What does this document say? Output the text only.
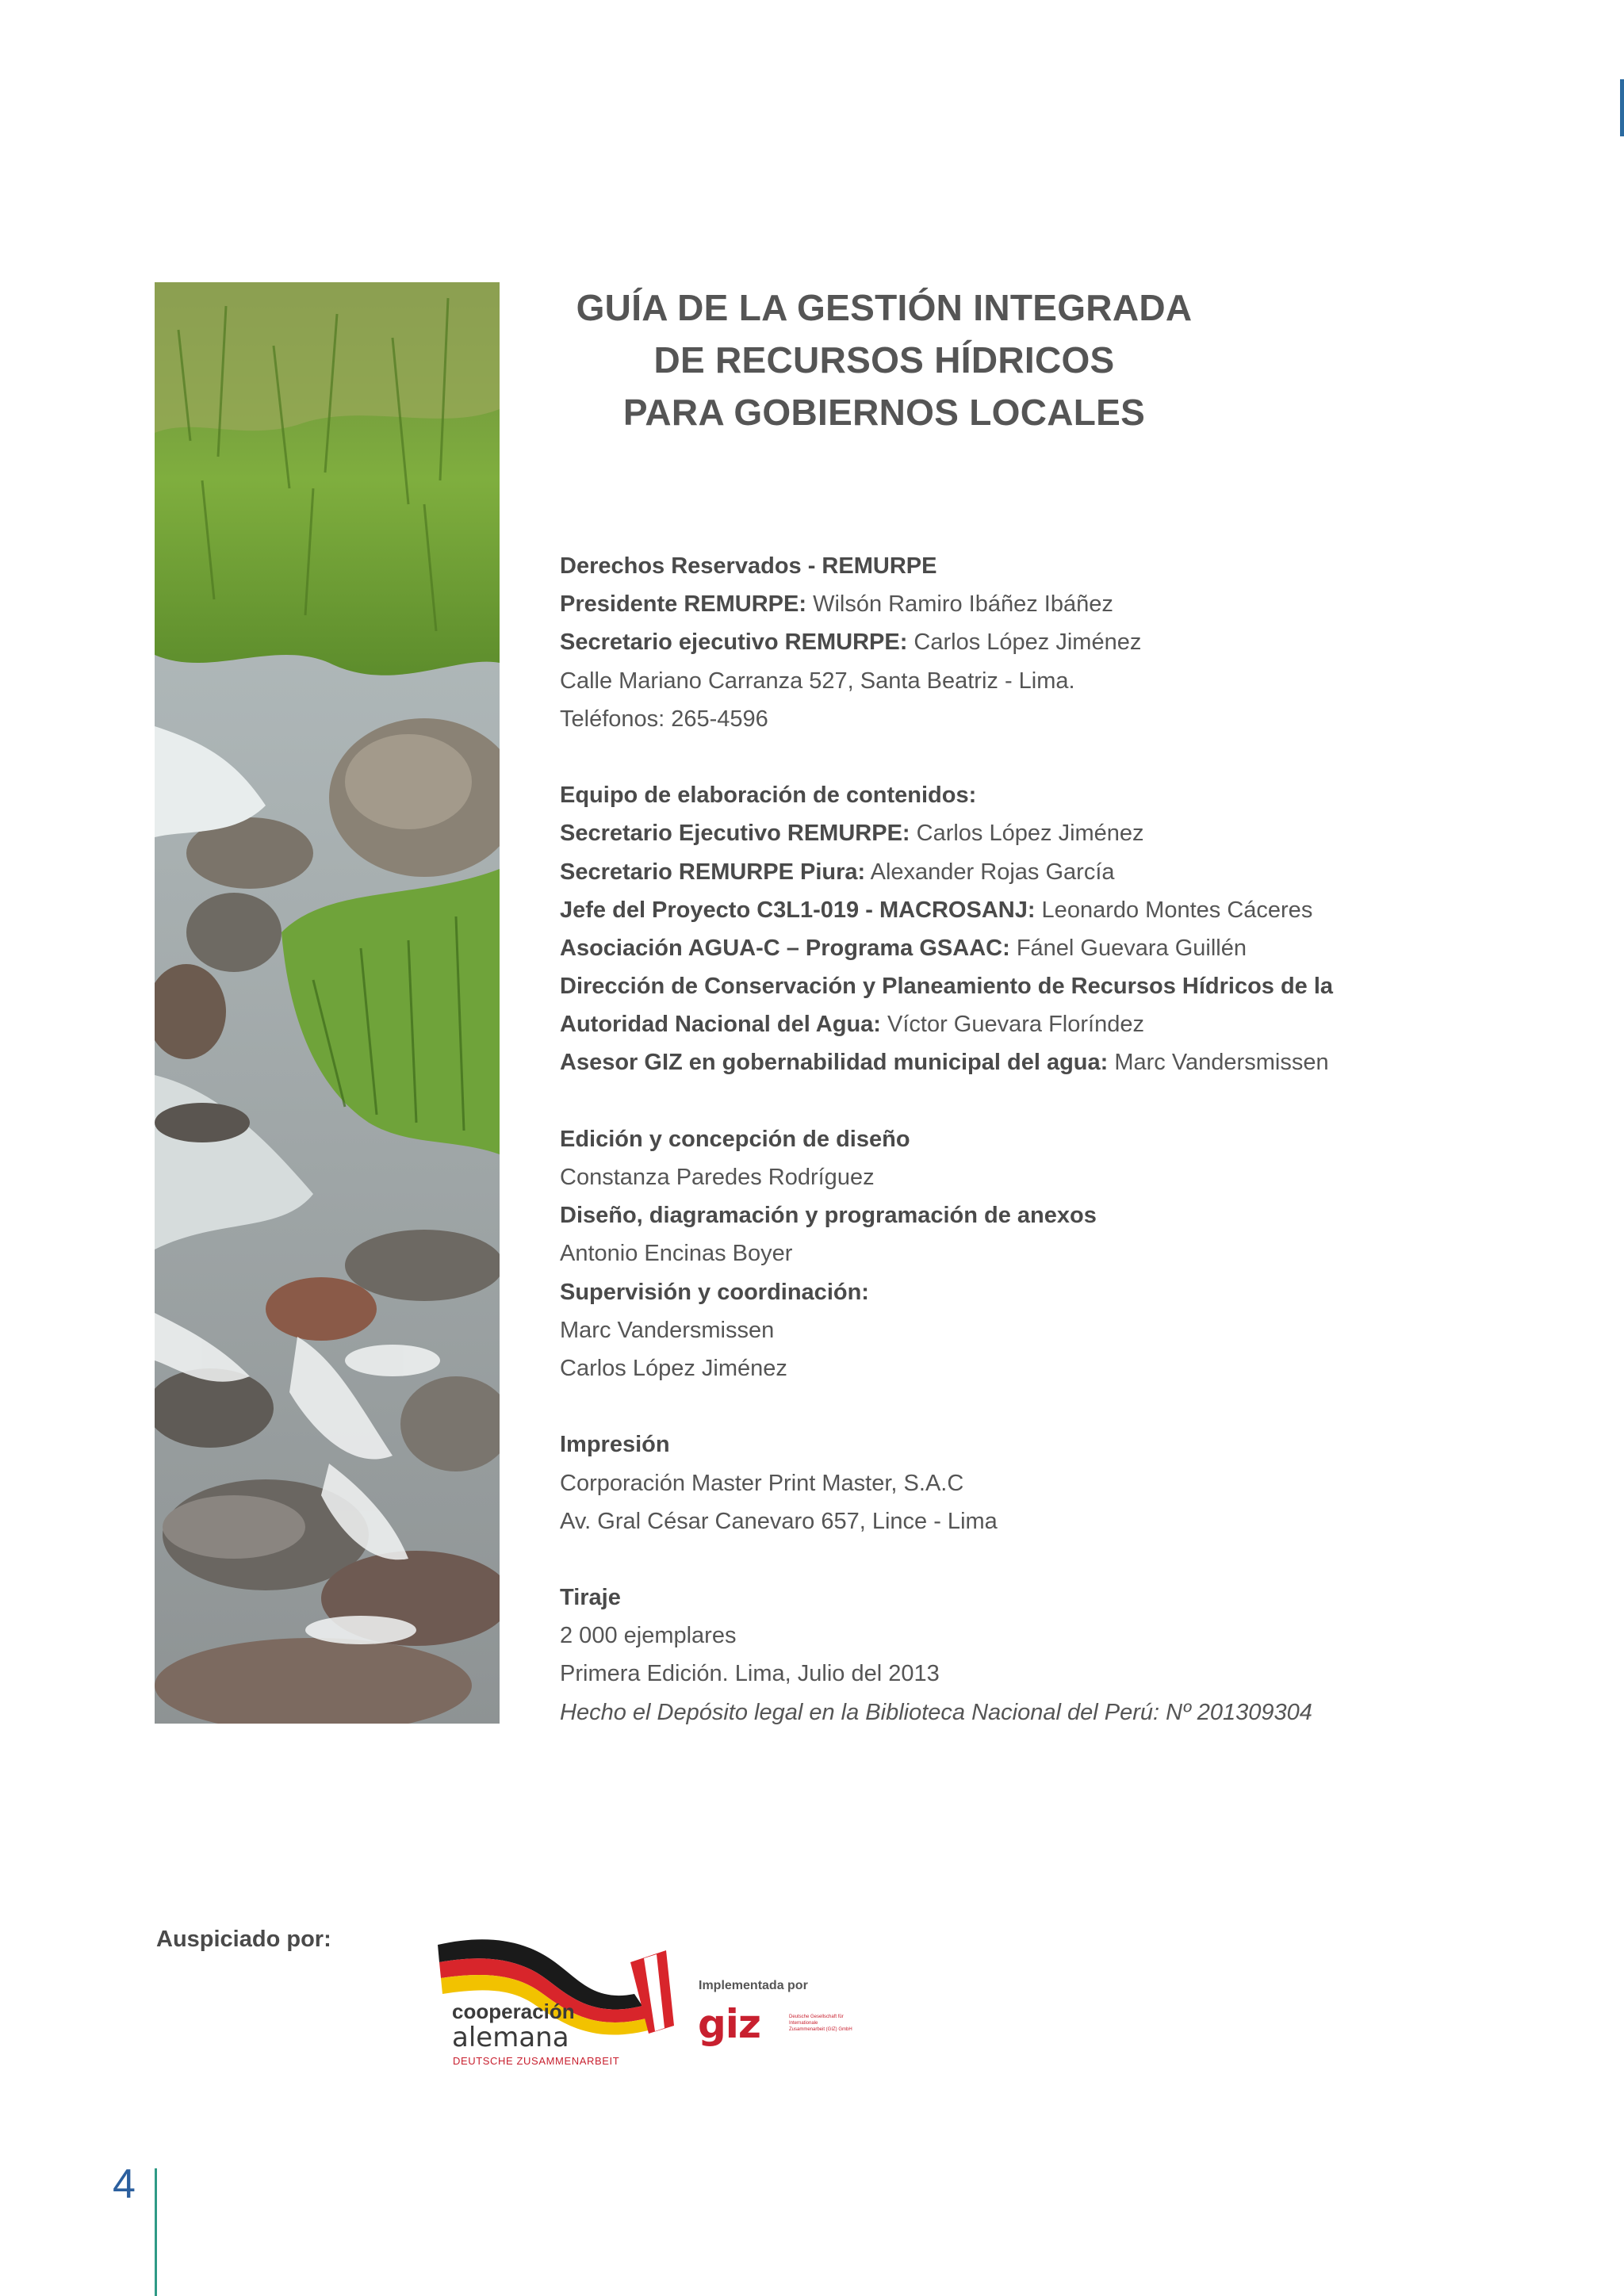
GUÍA DE LA GESTIÓN INTEGRADA
DE RECURSOS HÍDRICOS
PARA GOBIERNOS LOCALES
Derechos Reservados - REMURPE
Presidente REMURPE: Wilsón Ramiro Ibáñez Ibáñez
Secretario ejecutivo REMURPE: Carlos López Jiménez
Calle Mariano Carranza 527, Santa Beatriz - Lima.
Teléfonos: 265-4596
Equipo de elaboración de contenidos:
Secretario Ejecutivo REMURPE: Carlos López Jiménez
Secretario REMURPE Piura: Alexander Rojas García
Jefe del Proyecto C3L1-019 - MACROSANJ: Leonardo Montes Cáceres
Asociación AGUA-C – Programa GSAAC: Fánel Guevara Guillén
Dirección de Conservación y Planeamiento de Recursos Hídricos de la
Autoridad Nacional del Agua: Víctor Guevara Floríndez
Asesor GIZ en gobernabilidad municipal del agua: Marc Vandersmissen
Edición y concepción de diseño
Constanza Paredes Rodríguez
Diseño, diagramación y programación de anexos
Antonio Encinas Boyer
Supervisión y coordinación:
Marc Vandersmissen
Carlos López Jiménez
Impresión
Corporación Master Print Master, S.A.C
Av. Gral César Canevaro 657, Lince - Lima
Tiraje
2 000 ejemplares
Primera Edición. Lima, Julio del 2013
Hecho el Depósito legal en la Biblioteca Nacional del Perú: Nº 201309304
Auspiciado por:
cooperación
alemana
DEUTSCHE ZUSAMMENARBEIT
Implementada por
giz	Deutsche Gesellschaft für Internationale Zusammenarbeit (GIZ) GmbH
4
